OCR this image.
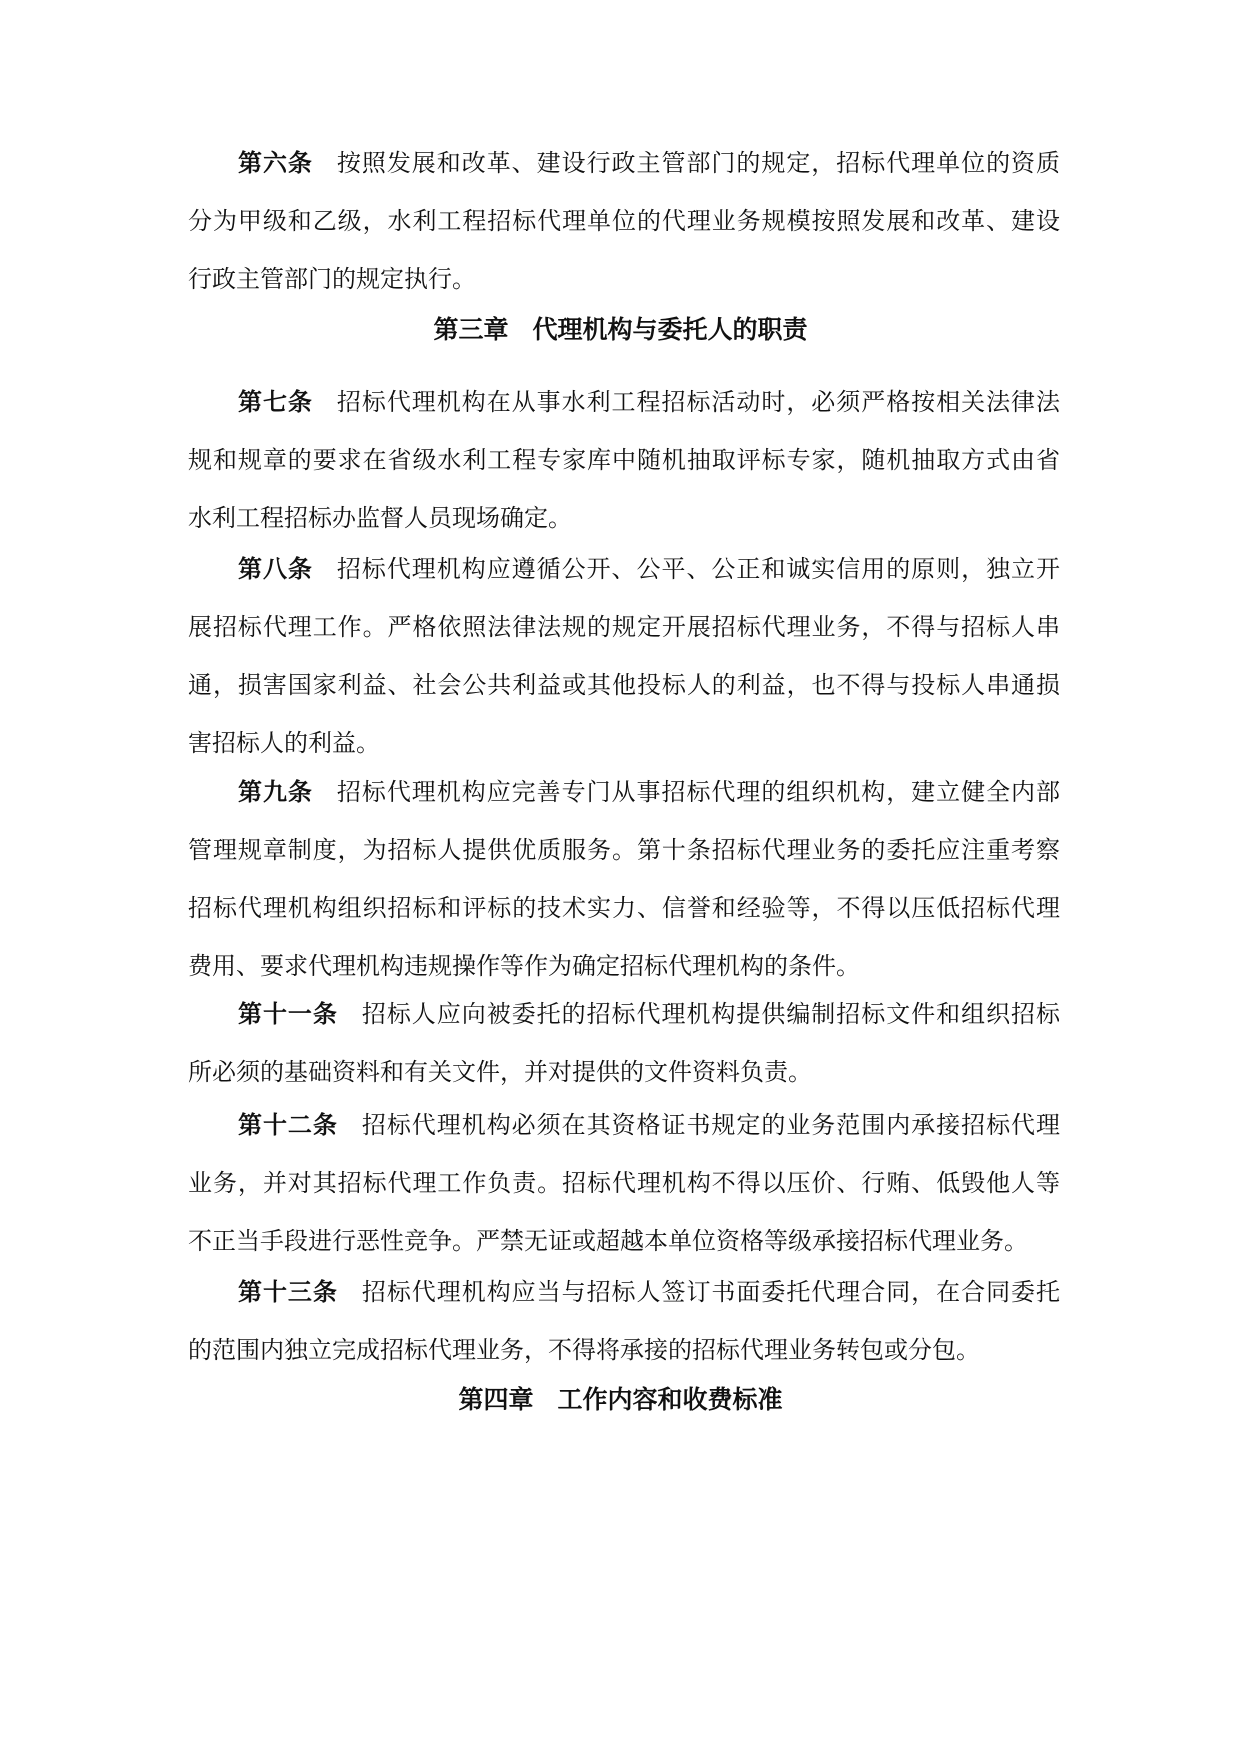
第六条 按照发展和改革、建设行政主管部门的规定，招标代理单位的资质
分为甲级和乙级，水利工程招标代理单位的代理业务规模按照发展和改革、建设
行政主管部门的规定执行。
第三章 代理机构与委托人的职责
第七条 招标代理机构在从事水利工程招标活动时，必须严格按相关法律法
规和规章的要求在省级水利工程专家库中随机抽取评标专家，随机抽取方式由省
水利工程招标办监督人员现场确定。
第八条 招标代理机构应遵循公开、公平、公正和诚实信用的原则，独立开
展招标代理工作。严格依照法律法规的规定开展招标代理业务，不得与招标人串
通，损害国家利益、社会公共利益或其他投标人的利益，也不得与投标人串通损
害招标人的利益。
第九条 招标代理机构应完善专门从事招标代理的组织机构，建立健全内部
管理规章制度，为招标人提供优质服务。第十条招标代理业务的委托应注重考察
招标代理机构组织招标和评标的技术实力、信誉和经验等，不得以压低招标代理
费用、要求代理机构违规操作等作为确定招标代理机构的条件。
第十一条 招标人应向被委托的招标代理机构提供编制招标文件和组织招标
所必须的基础资料和有关文件，并对提供的文件资料负责。
第十二条 招标代理机构必须在其资格证书规定的业务范围内承接招标代理
业务，并对其招标代理工作负责。招标代理机构不得以压价、行贿、低毁他人等
不正当手段进行恶性竞争。严禁无证或超越本单位资格等级承接招标代理业务。
第十三条 招标代理机构应当与招标人签订书面委托代理合同，在合同委托
的范围内独立完成招标代理业务，不得将承接的招标代理业务转包或分包。
第四章 工作内容和收费标准
